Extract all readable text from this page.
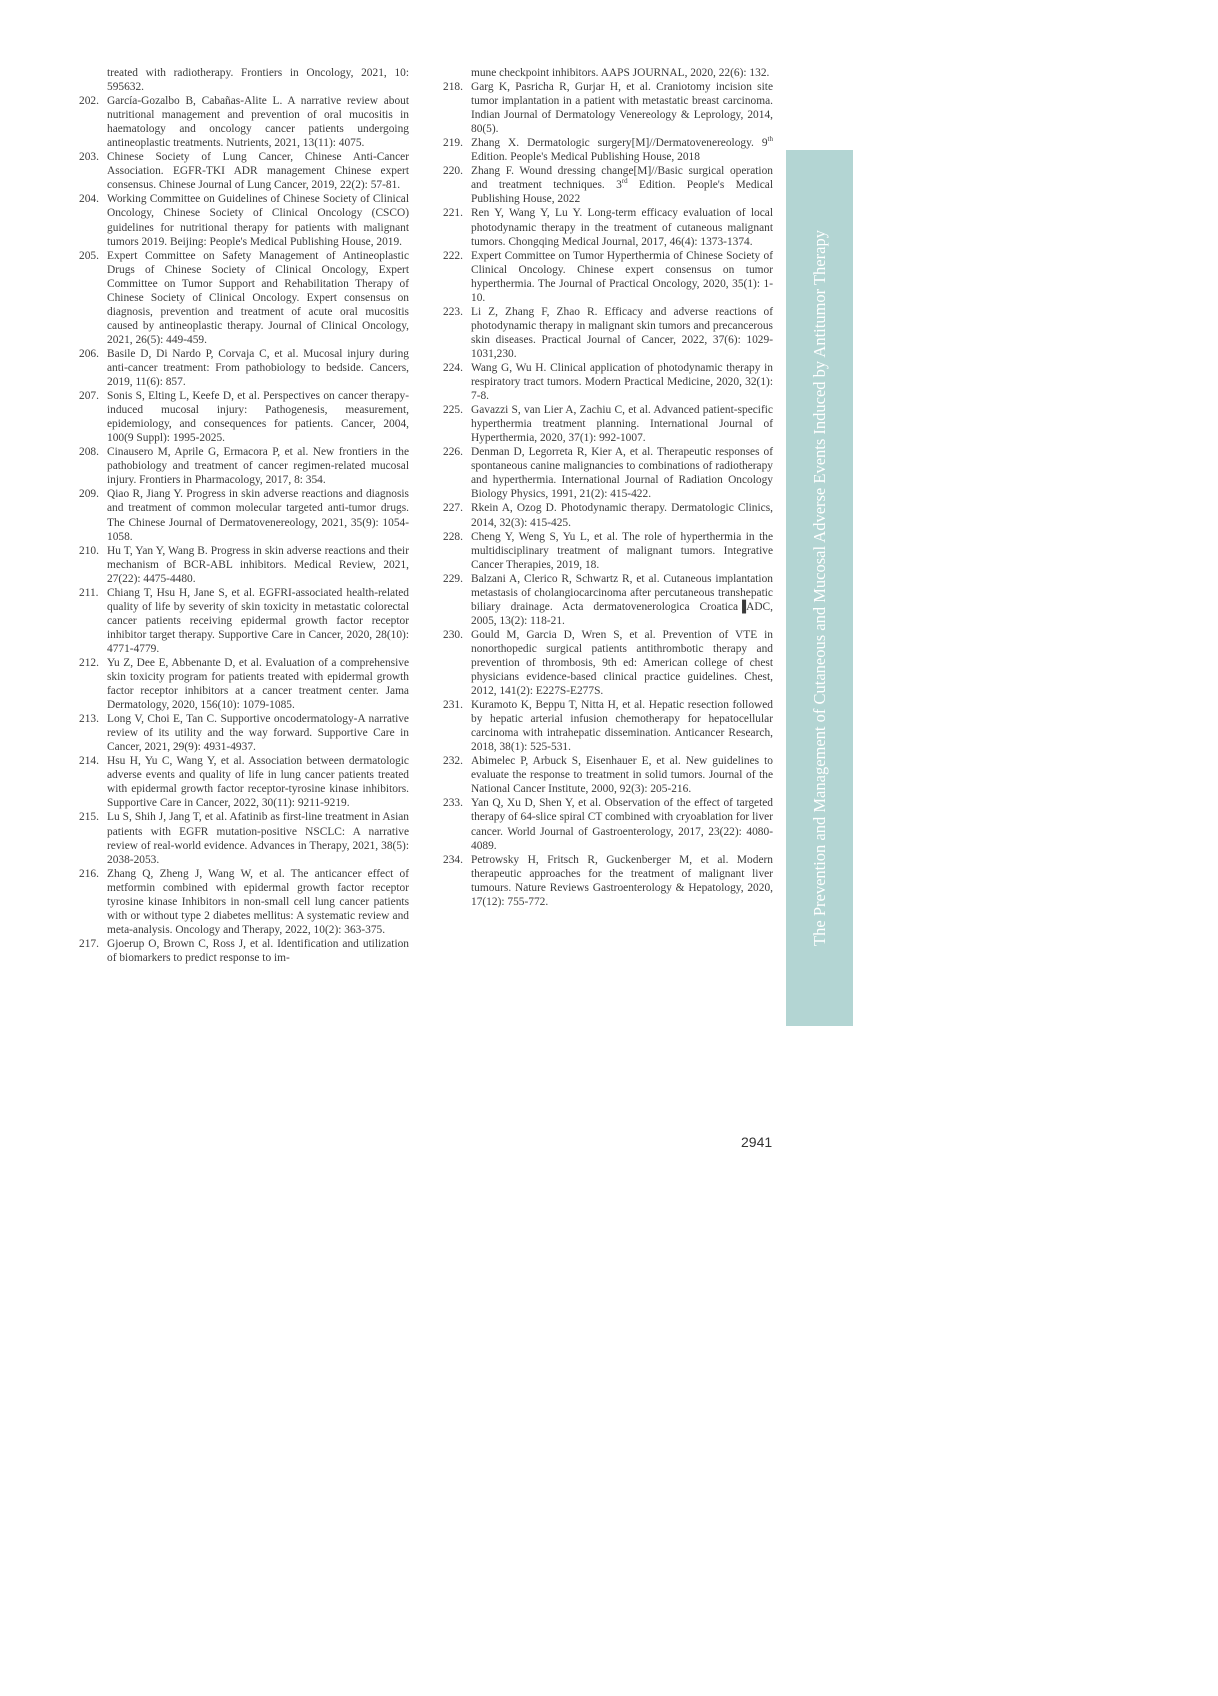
treated with radiotherapy. Frontiers in Oncology, 2021, 10: 595632.

202. García-Gozalbo B, Cabañas-Alite L. A narrative review about nutritional management and prevention of oral mucositis in haematology and oncology cancer patients undergoing antineoplastic treatments. Nutrients, 2021, 13(11): 4075.

203. Chinese Society of Lung Cancer, Chinese Anti-Cancer Association. EGFR-TKI ADR management Chinese expert consensus. Chinese Journal of Lung Cancer, 2019, 22(2): 57-81.

204. Working Committee on Guidelines of Chinese Society of Clinical Oncology, Chinese Society of Clinical Oncology (CSCO) guidelines for nutritional therapy for patients with malignant tumors 2019. Beijing: People's Medical Publishing House, 2019.

205. Expert Committee on Safety Management of Antineoplastic Drugs of Chinese Society of Clinical Oncology, Expert Committee on Tumor Support and Rehabilitation Therapy of Chinese Society of Clinical Oncology. Expert consensus on diagnosis, prevention and treatment of acute oral mucositis caused by antineoplastic therapy. Journal of Clinical Oncology, 2021, 26(5): 449-459.

206. Basile D, Di Nardo P, Corvaja C, et al. Mucosal injury during anti-cancer treatment: From pathobiology to bedside. Cancers, 2019, 11(6): 857.

207. Sonis S, Elting L, Keefe D, et al. Perspectives on cancer therapy-induced mucosal injury: Pathogenesis, measurement, epidemiology, and consequences for patients. Cancer, 2004, 100(9 Suppl): 1995-2025.

208. Cinausero M, Aprile G, Ermacora P, et al. New frontiers in the pathobiology and treatment of cancer regimen-related mucosal injury. Frontiers in Pharmacology, 2017, 8: 354.

209. Qiao R, Jiang Y. Progress in skin adverse reactions and diagnosis and treatment of common molecular targeted anti-tumor drugs. The Chinese Journal of Dermatovenereology, 2021, 35(9): 1054-1058.

210. Hu T, Yan Y, Wang B. Progress in skin adverse reactions and their mechanism of BCR-ABL inhibitors. Medical Review, 2021, 27(22): 4475-4480.

211. Chiang T, Hsu H, Jane S, et al. EGFRI-associated health-related quality of life by severity of skin toxicity in metastatic colorectal cancer patients receiving epidermal growth factor receptor inhibitor target therapy. Supportive Care in Cancer, 2020, 28(10): 4771-4779.

212. Yu Z, Dee E, Abbenante D, et al. Evaluation of a comprehensive skin toxicity program for patients treated with epidermal growth factor receptor inhibitors at a cancer treatment center. Jama Dermatology, 2020, 156(10): 1079-1085.

213. Long V, Choi E, Tan C. Supportive oncodermatology-A narrative review of its utility and the way forward. Supportive Care in Cancer, 2021, 29(9): 4931-4937.

214. Hsu H, Yu C, Wang Y, et al. Association between dermatologic adverse events and quality of life in lung cancer patients treated with epidermal growth factor receptor-tyrosine kinase inhibitors. Supportive Care in Cancer, 2022, 30(11): 9211-9219.

215. Lu S, Shih J, Jang T, et al. Afatinib as first-line treatment in Asian patients with EGFR mutation-positive NSCLC: A narrative review of real-world evidence. Advances in Therapy, 2021, 38(5): 2038-2053.

216. Zhang Q, Zheng J, Wang W, et al. The anticancer effect of metformin combined with epidermal growth factor receptor tyrosine kinase Inhibitors in non-small cell lung cancer patients with or without type 2 diabetes mellitus: A systematic review and meta-analysis. Oncology and Therapy, 2022, 10(2): 363-375.

217. Gjoerup O, Brown C, Ross J, et al. Identification and utilization of biomarkers to predict response to im-

mune checkpoint inhibitors. AAPS JOURNAL, 2020, 22(6): 132.

218. Garg K, Pasricha R, Gurjar H, et al. Craniotomy incision site tumor implantation in a patient with metastatic breast carcinoma. Indian Journal of Dermatology Venereology & Leprology, 2014, 80(5).

219. Zhang X. Dermatologic surgery[M]//Dermatovenereology. 9th Edition. People's Medical Publishing House, 2018

220. Zhang F. Wound dressing change[M]//Basic surgical operation and treatment techniques. 3rd Edition. People's Medical Publishing House, 2022

221. Ren Y, Wang Y, Lu Y. Long-term efficacy evaluation of local photodynamic therapy in the treatment of cutaneous malignant tumors. Chongqing Medical Journal, 2017, 46(4): 1373-1374.

222. Expert Committee on Tumor Hyperthermia of Chinese Society of Clinical Oncology. Chinese expert consensus on tumor hyperthermia. The Journal of Practical Oncology, 2020, 35(1): 1-10.

223. Li Z, Zhang F, Zhao R. Efficacy and adverse reactions of photodynamic therapy in malignant skin tumors and precancerous skin diseases. Practical Journal of Cancer, 2022, 37(6): 1029-1031,230.

224. Wang G, Wu H. Clinical application of photodynamic therapy in respiratory tract tumors. Modern Practical Medicine, 2020, 32(1): 7-8.

225. Gavazzi S, van Lier A, Zachiu C, et al. Advanced patient-specific hyperthermia treatment planning. International Journal of Hyperthermia, 2020, 37(1): 992-1007.

226. Denman D, Legorreta R, Kier A, et al. Therapeutic responses of spontaneous canine malignancies to combinations of radiotherapy and hyperthermia. International Journal of Radiation Oncology Biology Physics, 1991, 21(2): 415-422.

227. Rkein A, Ozog D. Photodynamic therapy. Dermatologic Clinics, 2014, 32(3): 415-425.

228. Cheng Y, Weng S, Yu L, et al. The role of hyperthermia in the multidisciplinary treatment of malignant tumors. Integrative Cancer Therapies, 2019, 18.

229. Balzani A, Clerico R, Schwartz R, et al. Cutaneous implantation metastasis of cholangiocarcinoma after percutaneous transhepatic biliary drainage. Acta dermatovenerologica Croatica▐ADC, 2005, 13(2): 118-21.

230. Gould M, Garcia D, Wren S, et al. Prevention of VTE in nonorthopedic surgical patients antithrombotic therapy and prevention of thrombosis, 9th ed: American college of chest physicians evidence-based clinical practice guidelines. Chest, 2012, 141(2): E227S-E277S.

231. Kuramoto K, Beppu T, Nitta H, et al. Hepatic resection followed by hepatic arterial infusion chemotherapy for hepatocellular carcinoma with intrahepatic dissemination. Anticancer Research, 2018, 38(1): 525-531.

232. Abimelec P, Arbuck S, Eisenhauer E, et al. New guidelines to evaluate the response to treatment in solid tumors. Journal of the National Cancer Institute, 2000, 92(3): 205-216.

233. Yan Q, Xu D, Shen Y, et al. Observation of the effect of targeted therapy of 64-slice spiral CT combined with cryoablation for liver cancer. World Journal of Gastroenterology, 2017, 23(22): 4080-4089.

234. Petrowsky H, Fritsch R, Guckenberger M, et al. Modern therapeutic approaches for the treatment of malignant liver tumours. Nature Reviews Gastroenterology & Hepatology, 2020, 17(12): 755-772.	The Prevention and Management of Cutaneous and Mucosal Adverse Events Induced by Antitumor Therapy
2941
